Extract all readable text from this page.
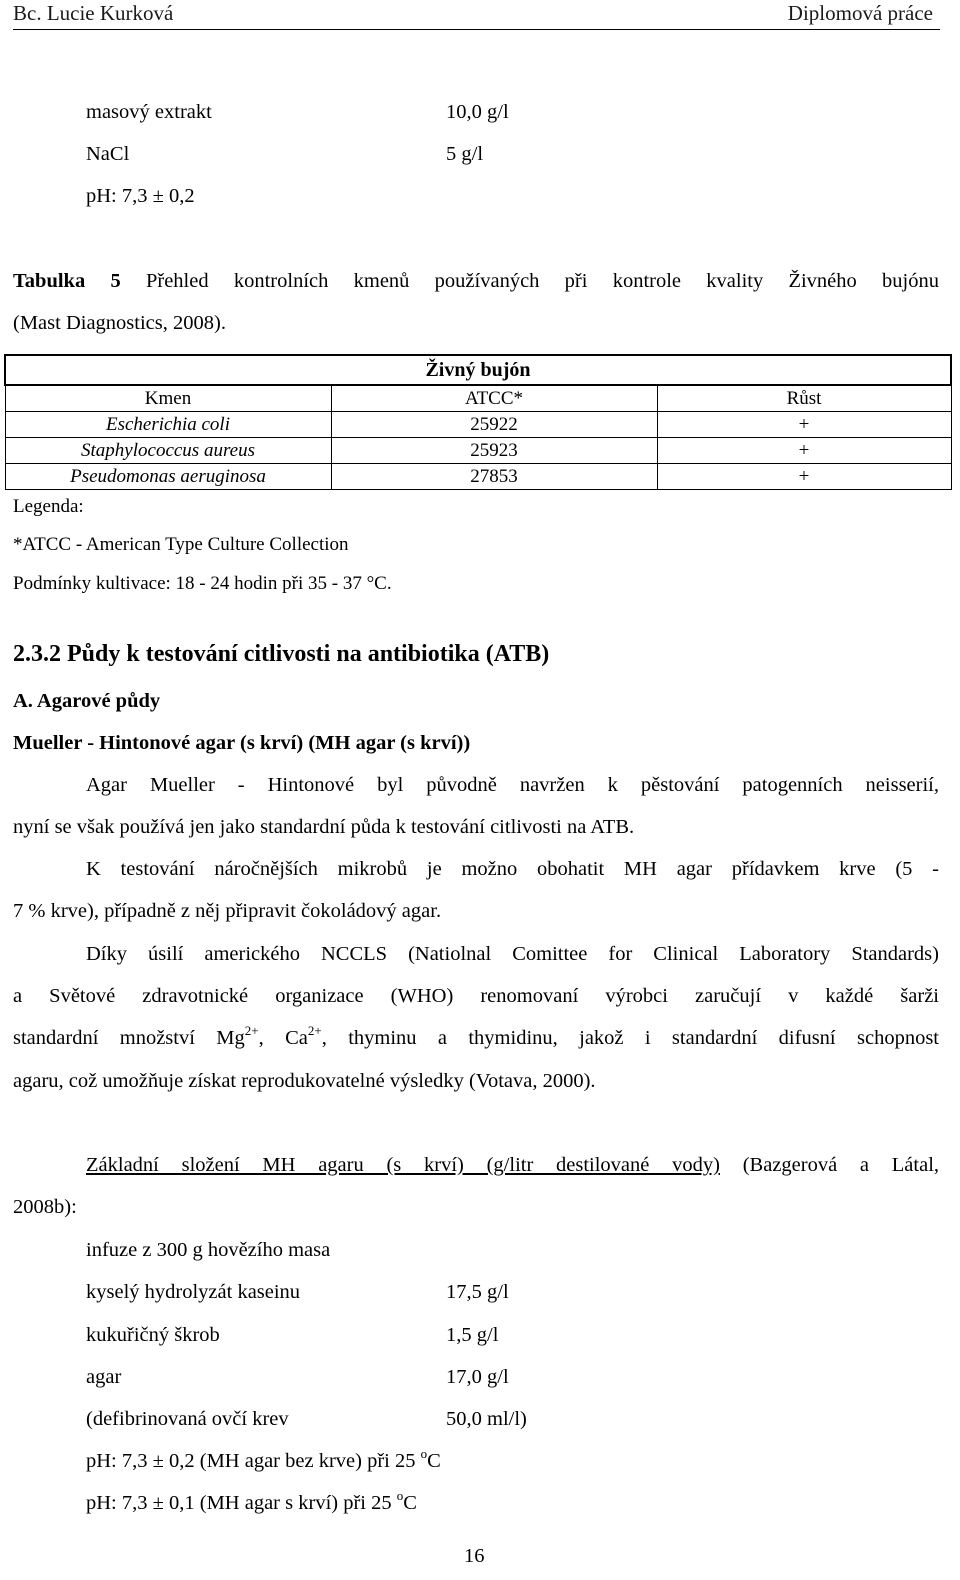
Bc. Lucie Kurková	Diplomová práce
masový extrakt	10,0 g/l
NaCl	5 g/l
pH: 7,3 ± 0,2
Tabulka 5 Přehled kontrolních kmenů používaných při kontrole kvality Živného bujónu
(Mast Diagnostics, 2008).
Živný bujón		
Kmen	ATCC*	Růst
Escherichia coli	25922	+
Staphylococcus aureus	25923	+
Pseudomonas aeruginosa	27853	+
Legenda:
*ATCC - American Type Culture Collection
Podmínky kultivace: 18 - 24 hodin při 35 - 37 °C.
2.3.2 Půdy k testování citlivosti na antibiotika (ATB)
A. Agarové půdy
Mueller - Hintonové agar (s krví) (MH agar (s krví))
Agar Mueller - Hintonové byl původně navržen k pěstování patogenních neisserií,
nyní se však používá jen jako standardní půda k testování citlivosti na ATB.
K testování náročnějších mikrobů je možno obohatit MH agar přídavkem krve (5 -
7 % krve), případně z něj připravit čokoládový agar.
Díky úsilí amerického NCCLS (Natiolnal Comittee for Clinical Laboratory Standards)
a Světové zdravotnické organizace (WHO) renomovaní výrobci zaručují v každé šarži
standardní množství $Mg^{2+}$, $Ca^{2+}$, thyminu a thymidinu, jakož i standardní difusní schopnost
agaru, což umožňuje získat reprodukovatelné výsledky (Votava, 2000).
Základní složení MH agaru (s krví) (g/litr destilované vody) (Bazgerová a Látal,
2008b):
infuze z 300 g hovězího masa
kyselý hydrolyzát kaseinu	17,5 g/l
kukuřičný škrob	1,5 g/l
agar	17,0 g/l
(defibrinovaná ovčí krev	50,0 ml/l)
pH: 7,3 ± 0,2 (MH agar bez krve) při 25 $^o$C
pH: 7,3 ± 0,1 (MH agar s krví) při 25 $^o$C
16
